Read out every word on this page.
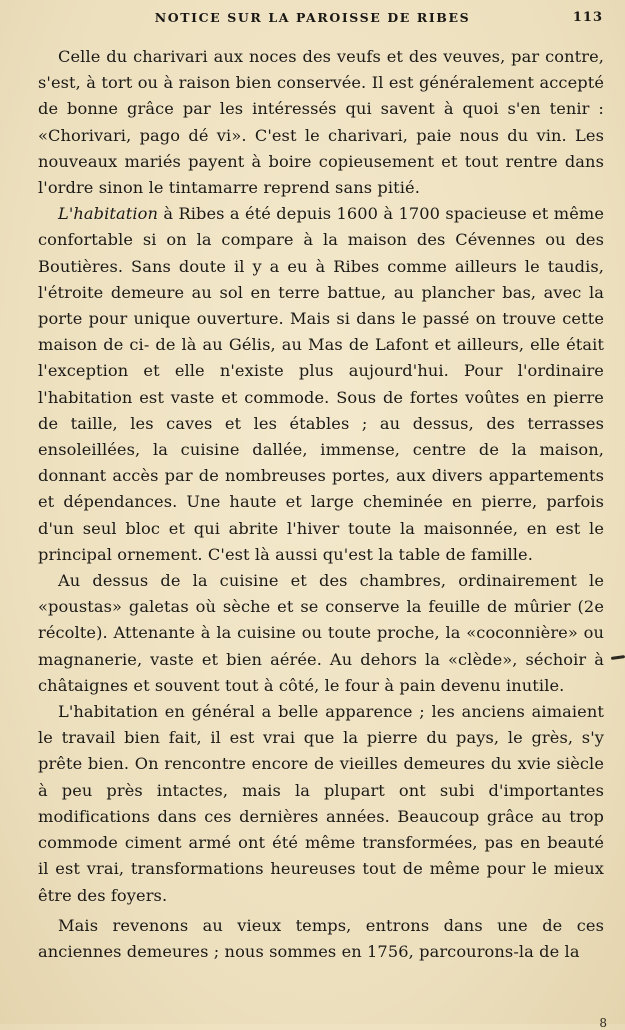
NOTICE SUR LA PAROISSE DE RIBES	113

Celle du charivari aux noces des veufs et des veuves, par contre, s'est, à tort ou à raison bien conservée. Il est généralement accepté de bonne grâce par les intéressés qui savent à quoi s'en tenir : «Chorivari, pago dé vi». C'est le charivari, paie nous du vin. Les nouveaux mariés payent à boire copieusement et tout rentre dans l'ordre sinon le tintamarre reprend sans pitié.

L'habitation à Ribes a été depuis 1600 à 1700 spacieuse et même confortable si on la compare à la maison des Cévennes ou des Boutières. Sans doute il y a eu à Ribes comme ailleurs le taudis, l'étroite demeure au sol en terre battue, au plancher bas, avec la porte pour unique ouverture. Mais si dans le passé on trouve cette maison de ci- de là au Gélis, au Mas de Lafont et ailleurs, elle était l'exception et elle n'existe plus aujourd'hui. Pour l'ordinaire l'habitation est vaste et commode. Sous de fortes voûtes en pierre de taille, les caves et les étables ; au dessus, des terrasses ensoleillées, la cuisine dallée, immense, centre de la maison, donnant accès par de nombreuses portes, aux divers appartements et dépendances. Une haute et large cheminée en pierre, parfois d'un seul bloc et qui abrite l'hiver toute la maisonnée, en est le principal ornement. C'est là aussi qu'est la table de famille.

Au dessus de la cuisine et des chambres, ordinairement le «poustas» galetas où sèche et se conserve la feuille de mûrier (2e récolte). Attenante à la cuisine ou toute proche, la «coconnière» ou magnanerie, vaste et bien aérée. Au dehors la «clède», séchoir à châtaignes et souvent tout à côté, le four à pain devenu inutile.

L'habitation en général a belle apparence ; les anciens aimaient le travail bien fait, il est vrai que la pierre du pays, le grès, s'y prête bien. On rencontre encore de vieilles demeures du xvie siècle à peu près intactes, mais la plupart ont subi d'importantes modifications dans ces dernières années. Beaucoup grâce au trop commode ciment armé ont été même transformées, pas en beauté il est vrai, transformations heureuses tout de même pour le mieux être des foyers.

Mais revenons au vieux temps, entrons dans une de ces anciennes demeures ; nous sommes en 1756, parcourons-la de la

8
